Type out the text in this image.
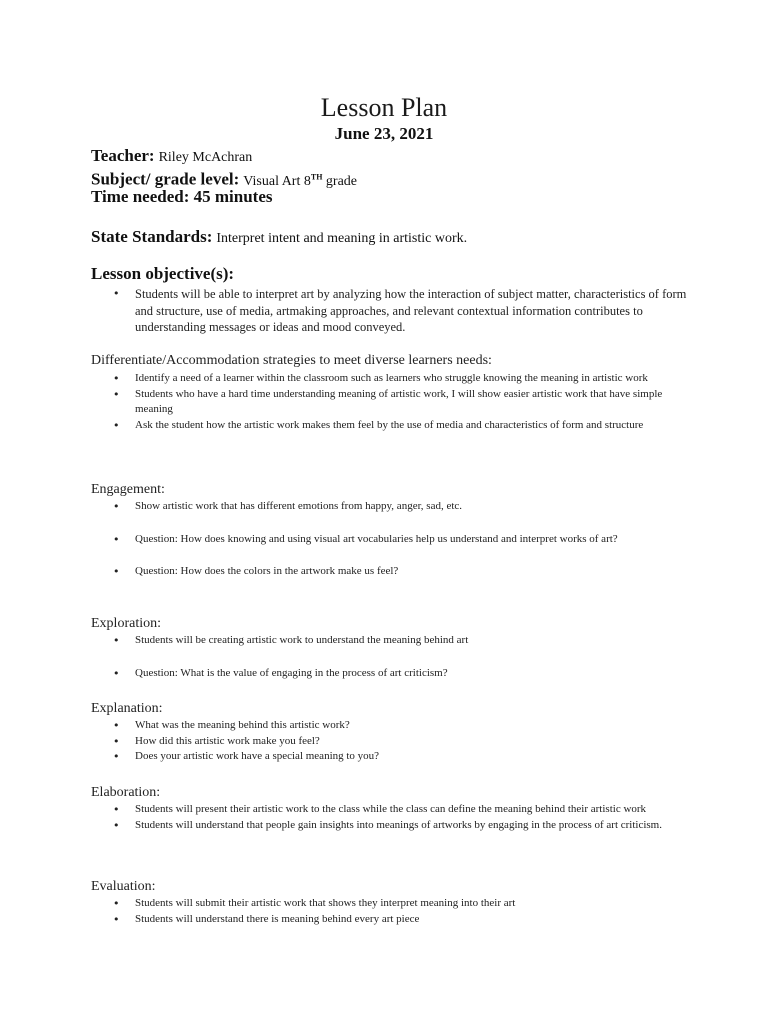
Lesson Plan
June 23, 2021
Teacher: Riley McAchran
Subject/ grade level: Visual Art 8TH grade
Time needed: 45 minutes
State Standards: Interpret intent and meaning in artistic work.
Lesson objective(s):
• Students will be able to interpret art by analyzing how the interaction of subject matter, characteristics of form and structure, use of media, artmaking approaches, and relevant contextual information contributes to understanding messages or ideas and mood conveyed.
Differentiate/Accommodation strategies to meet diverse learners needs:
• Identify a need of a learner within the classroom such as learners who struggle knowing the meaning in artistic work
• Students who have a hard time understanding meaning of artistic work, I will show easier artistic work that have simple meaning
• Ask the student how the artistic work makes them feel by the use of media and characteristics of form and structure
Engagement:
• Show artistic work that has different emotions from happy, anger, sad, etc.
• Question: How does knowing and using visual art vocabularies help us understand and interpret works of art?
• Question: How does the colors in the artwork make us feel?
Exploration:
• Students will be creating artistic work to understand the meaning behind art
• Question: What is the value of engaging in the process of art criticism?
Explanation:
• What was the meaning behind this artistic work?
• How did this artistic work make you feel?
• Does your artistic work have a special meaning to you?
Elaboration:
• Students will present their artistic work to the class while the class can define the meaning behind their artistic work
• Students will understand that people gain insights into meanings of artworks by engaging in the process of art criticism.
Evaluation:
• Students will submit their artistic work that shows they interpret meaning into their art
• Students will understand there is meaning behind every art piece
